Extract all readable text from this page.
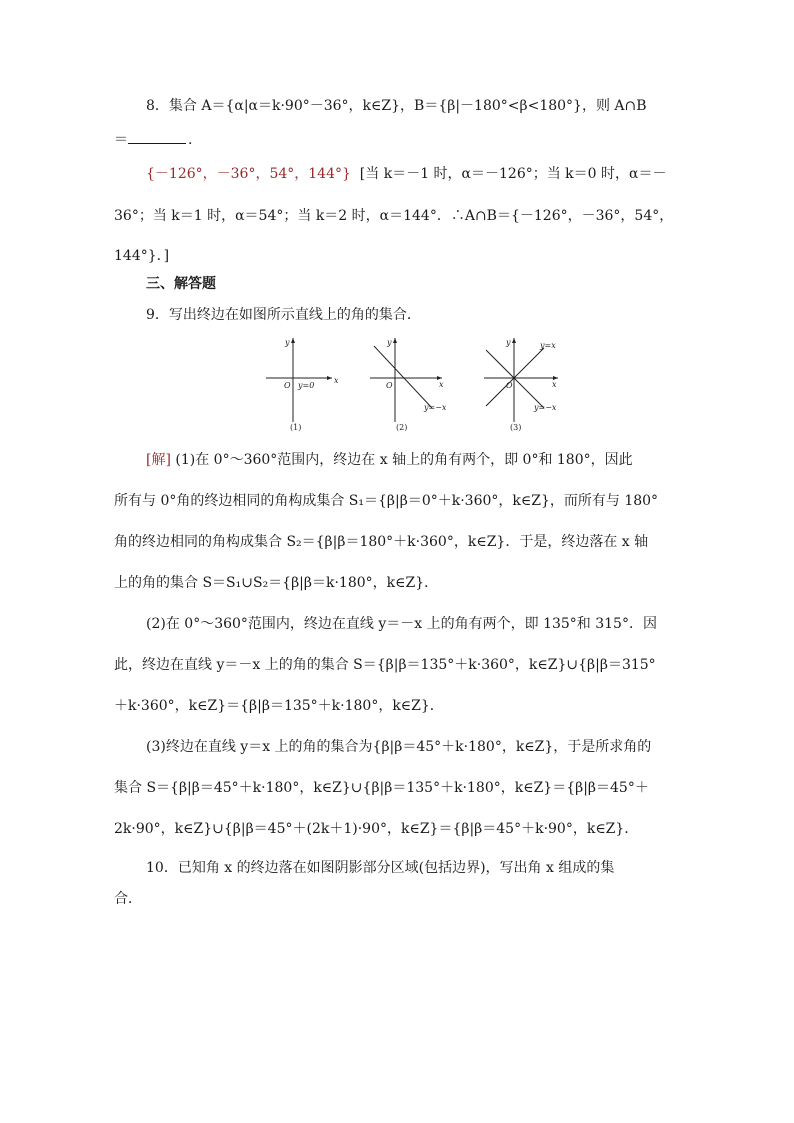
8．集合 A＝{α|α＝k·90°－36°，k∈Z}，B＝{β|－180°<β<180°}，则 A∩B
＝	.
{－126°，－36°，54°，144°} [当 k＝－1 时，α＝－126°；当 k＝0 时，α＝－
36°；当 k＝1 时，α＝54°；当 k＝2 时，α＝144°．∴A∩B＝{－126°，－36°，54°，
144°}．]
三、解答题
9．写出终边在如图所示直线上的角的集合．
y
x
O y=0
(1)
y
x
O
y=−x
(2)
y	y=x
x
O
y=−x
(3)
[解] (1)在 0°～360°范围内，终边在 x 轴上的角有两个，即 0°和 180°，因此
所有与 0°角的终边相同的角构成集合 S₁＝{β|β＝0°＋k·360°，k∈Z}，而所有与 180°
角的终边相同的角构成集合 S₂＝{β|β＝180°＋k·360°，k∈Z}．于是，终边落在 x 轴
上的角的集合 S＝S₁∪S₂＝{β|β＝k·180°，k∈Z}．
(2)在 0°～360°范围内，终边在直线 y＝－x 上的角有两个，即 135°和 315°．因
此，终边在直线 y＝－x 上的角的集合 S＝{β|β＝135°＋k·360°，k∈Z}∪{β|β＝315°
＋k·360°，k∈Z}＝{β|β＝135°＋k·180°，k∈Z}．
(3)终边在直线 y＝x 上的角的集合为{β|β＝45°＋k·180°，k∈Z}，于是所求角的
集合 S＝{β|β＝45°＋k·180°，k∈Z}∪{β|β＝135°＋k·180°，k∈Z}＝{β|β＝45°＋
2k·90°，k∈Z}∪{β|β＝45°＋(2k＋1)·90°，k∈Z}＝{β|β＝45°＋k·90°，k∈Z}．
10．已知角 x 的终边落在如图阴影部分区域(包括边界)，写出角 x 组成的集
合．
